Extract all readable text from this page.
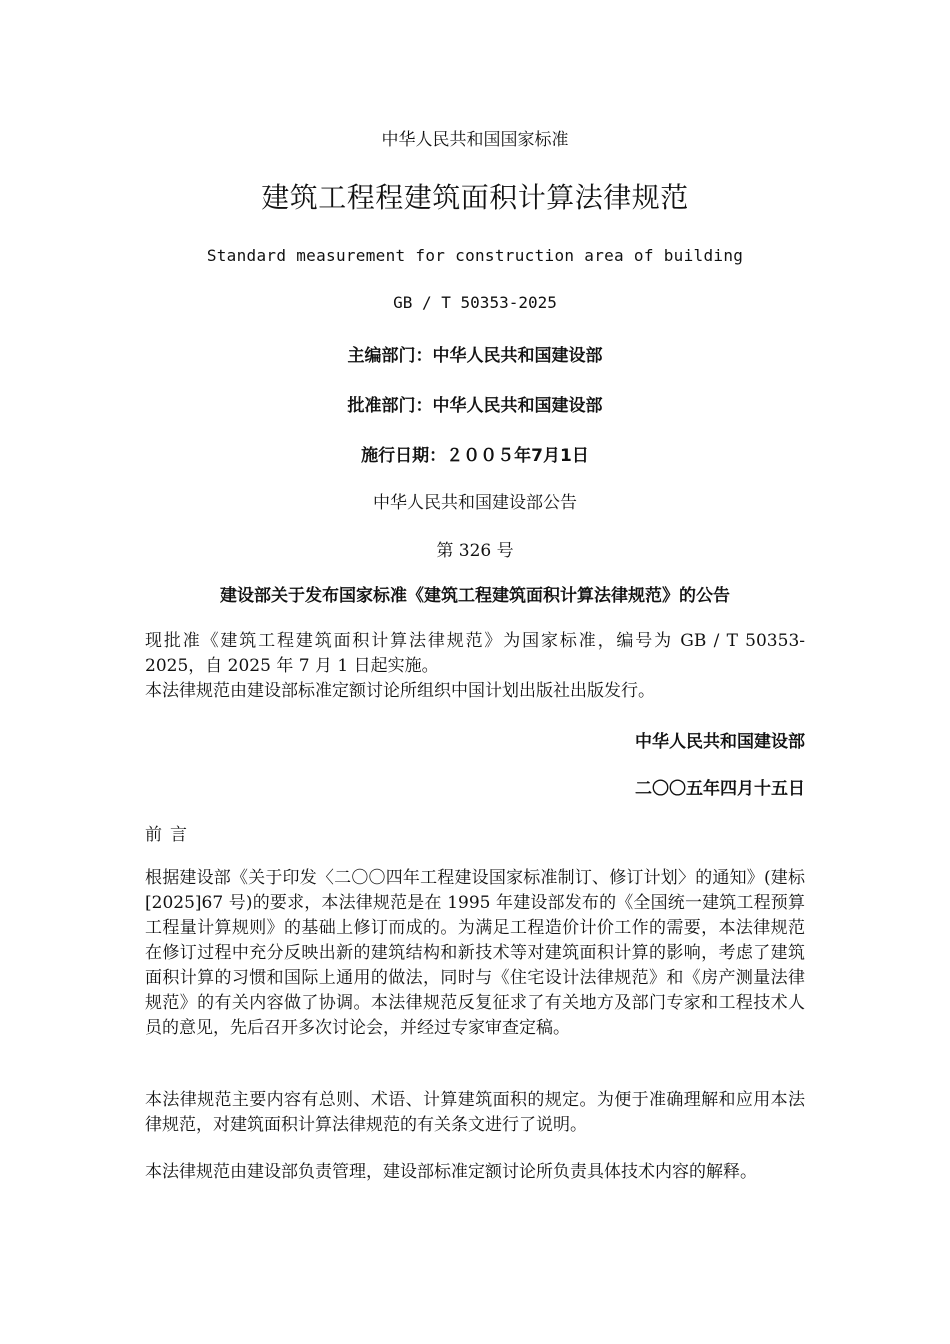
中华人民共和国国家标准
建筑工程程建筑面积计算法律规范
Standard measurement for construction area of building
GB / T 50353-2025
主编部门：中华人民共和国建设部
批准部门：中华人民共和国建设部
施行日期：２００５年7月1日
中华人民共和国建设部公告
第 326 号
建设部关于发布国家标准《建筑工程建筑面积计算法律规范》的公告

现批准《建筑工程建筑面积计算法律规范》为国家标准，编号为 GB / T 50353-2025，自 2025 年 7 月 1 日起实施。

本法律规范由建设部标准定额讨论所组织中国计划出版社出版发行。

中华人民共和国建设部
二〇〇五年四月十五日
前言

根据建设部《关于印发〈二〇〇四年工程建设国家标准制订、修订计划〉的通知》(建标[2025]67 号)的要求，本法律规范是在 1995 年建设部发布的《全国统一建筑工程预算工程量计算规则》的基础上修订而成的。为满足工程造价计价工作的需要，本法律规范在修订过程中充分反映出新的建筑结构和新技术等对建筑面积计算的影响，考虑了建筑面积计算的习惯和国际上通用的做法，同时与《住宅设计法律规范》和《房产测量法律规范》的有关内容做了协调。本法律规范反复征求了有关地方及部门专家和工程技术人员的意见，先后召开多次讨论会，并经过专家审查定稿。

本法律规范主要内容有总则、术语、计算建筑面积的规定。为便于准确理解和应用本法律规范，对建筑面积计算法律规范的有关条文进行了说明。

本法律规范由建设部负责管理，建设部标准定额讨论所负责具体技术内容的解释。
